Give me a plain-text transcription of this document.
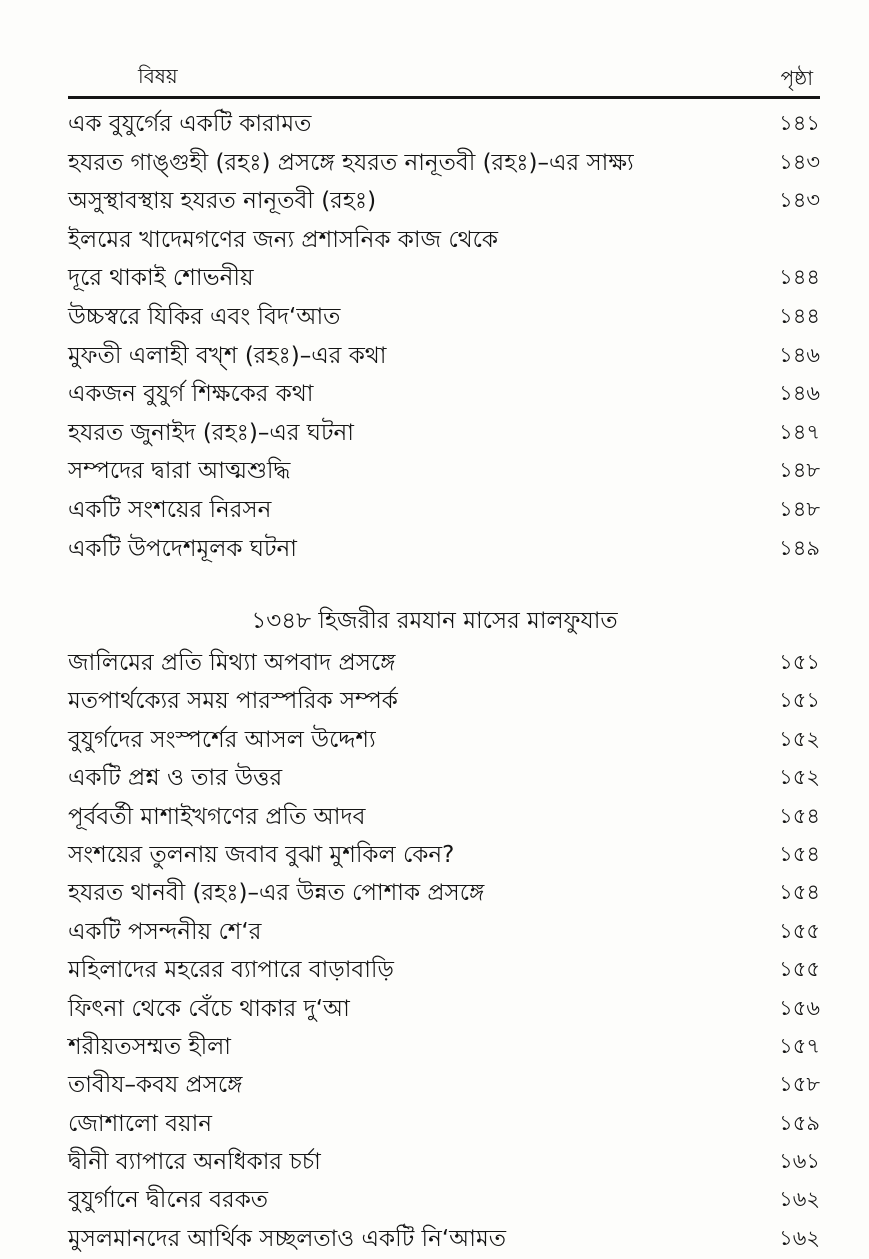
বিষয়	পৃষ্ঠা
এক বুযুর্গের একটি কারামত	১৪১
হযরত গাঙ্গুহী (রহঃ) প্রসঙ্গে হযরত নানূতবী (রহঃ)–এর সাক্ষ্য	১৪৩
অসুস্থাবস্থায় হযরত নানূতবী (রহঃ)	১৪৩
ইলমের খাদেমগণের জন্য প্রশাসনিক কাজ থেকে
দূরে থাকাই শোভনীয়	১৪৪
উচ্চস্বরে যিকির এবং বিদ‘আত	১৪৪
মুফতী এলাহী বখ্শ (রহঃ)–এর কথা	১৪৬
একজন বুযুর্গ শিক্ষকের কথা	১৪৬
হযরত জুনাইদ (রহঃ)–এর ঘটনা	১৪৭
সম্পদের দ্বারা আত্মশুদ্ধি	১৪৮
একটি সংশয়ের নিরসন	১৪৮
একটি উপদেশমূলক ঘটনা	১৪৯
১৩৪৮ হিজরীর রমযান মাসের মালফুযাত
জালিমের প্রতি মিথ্যা অপবাদ প্রসঙ্গে	১৫১
মতপার্থক্যের সময় পারস্পরিক সম্পর্ক	১৫১
বুযুর্গদের সংস্পর্শের আসল উদ্দেশ্য	১৫২
একটি প্রশ্ন ও তার উত্তর	১৫২
পূর্ববর্তী মাশাইখগণের প্রতি আদব	১৫৪
সংশয়ের তুলনায় জবাব বুঝা মুশকিল কেন?	১৫৪
হযরত থানবী (রহঃ)–এর উন্নত পোশাক প্রসঙ্গে	১৫৪
একটি পসন্দনীয় শে‘র	১৫৫
মহিলাদের মহরের ব্যাপারে বাড়াবাড়ি	১৫৫
ফিৎনা থেকে বেঁচে থাকার দু‘আ	১৫৬
শরীয়তসম্মত হীলা	১৫৭
তাবীয–কবয প্রসঙ্গে	১৫৮
জোশালো বয়ান	১৫৯
দ্বীনী ব্যাপারে অনধিকার চর্চা	১৬১
বুযুর্গানে দ্বীনের বরকত	১৬২
মুসলমানদের আর্থিক সচ্ছলতাও একটি নি‘আমত	১৬২
